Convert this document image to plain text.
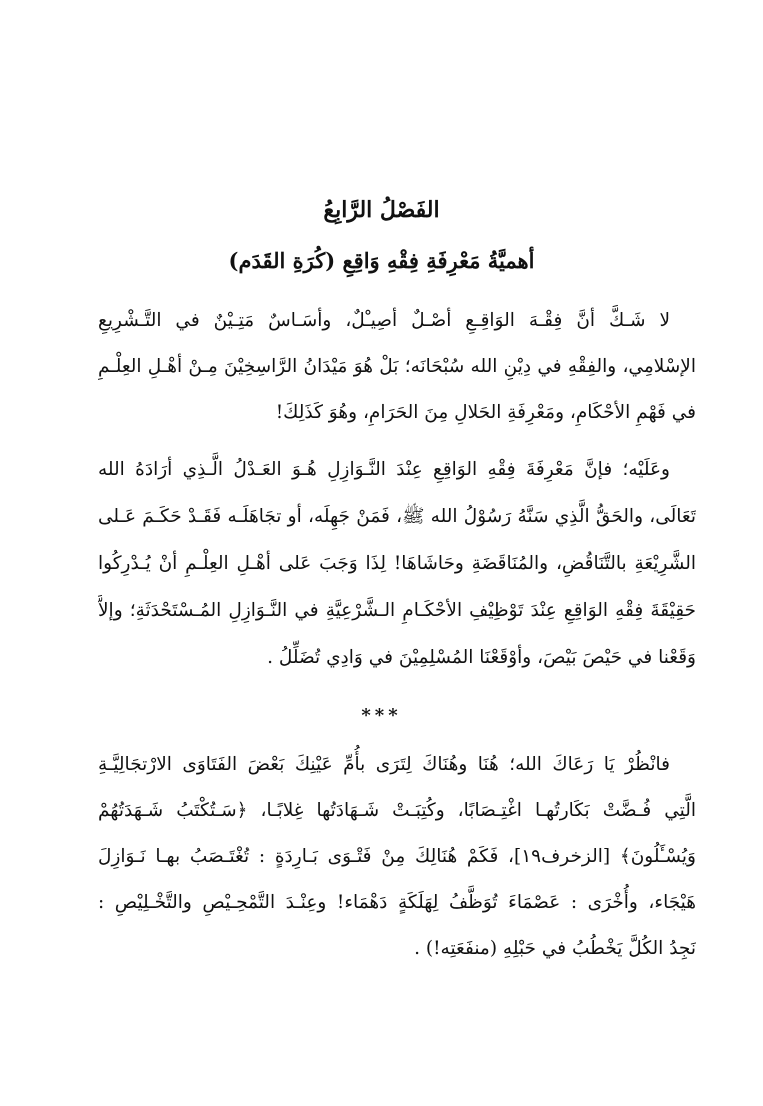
الفَصْلُ الرَّابِعُ
أهميَّةُ مَعْرِفَةِ فِقْهِ وَاقِعِ (كُرَةِ القَدَم)
لا شَـكَّ أنَّ فِقْـهَ الوَاقِـعِ أصْـلٌ أصِيـْلٌ، وأسَـاسٌ مَتِـيْنٌ في التَّـشْرِيعِ
الإسْلامِي، والفِقْهِ في دِيْنِ الله سُبْحَانَه؛ بَلْ هُوَ مَيْدَانُ الرَّاسِخِيْنَ مِـنْ أهْـلِ العِلْـمِ
في فَهْمِ الأحْكَامِ، ومَعْرِفَةِ الحَلالِ مِنَ الحَرَامِ، وهُوَ كَذَلِكَ!
وعَلَيْه؛ فإنَّ مَعْرِفَةَ فِقْهِ الوَاقِعِ عِنْدَ النَّـوَازِلِ هُـوَ العَـدْلُ الَّـذِي أرَادَهُ الله
تَعَالَى، والحَقُّ الَّذِي سَنَّهُ رَسُوْلُ الله ﷺ، فَمَنْ جَهِلَه، أو تجَاهَلَـه فَقَـدْ حَكَـمَ عَـلى
الشَّرِيْعَةِ بالتَّنَاقُضِ، والمُنَاقَضَةِ وحَاشَاهَا! لِذَا وَجَبَ عَلى أهْـلِ العِلْـمِ أنْ يُـدْرِكُوا
حَقِيْقَةَ فِقْهِ الوَاقِعِ عِنْدَ تَوْظِيْفِ الأحْكَـامِ الـشَّرْعِيَّةِ في النَّـوَازِلِ المُـسْتَحْدَثَةِ؛ وإلاَّ
وَقَعْنا في حَيْصَ بَيْصَ، وأوْقَعْنَا المُسْلِمِيْنَ في وَادِي تُضَلِّلُ .
***
فانْظُرْ يَا رَعَاكَ الله؛ هُنَا وهُنَاكَ لِتَرَى بأُمِّ عَيْنِكَ بَعْضَ الفَتَاوَى الارْتجَالِيَّـةِ
الَّتِي فُـضَّتْ بَكَارتُهـا اغْتِـصَابًا، وكُتِبَـتْ شَـهَادَتُها غِلابًـا، ﴿سَـتُكْتَبُ شَـهَدَتُهُمْ
وَيُسْـَٔلُونَ﴾ [الزخرف١٩]، فَكَمْ هُنَالِكَ مِنْ فَتْـوَى بَـارِدَةٍ : تُغْتَـصَبُ بهـا نَـوَازِلَ
هَيْجَاء، وأُخْرَى : عَصْمَاءَ تُوَظَّفُ لِهَلَكَةٍ دَهْمَاء! وعِنْـدَ التَّمْحِـيْصِ والتَّخْـلِيْصِ :
نَجِدُ الكُلَّ يَخْطُبُ في حَبْلِهِ (منفَعَتِه!) .
